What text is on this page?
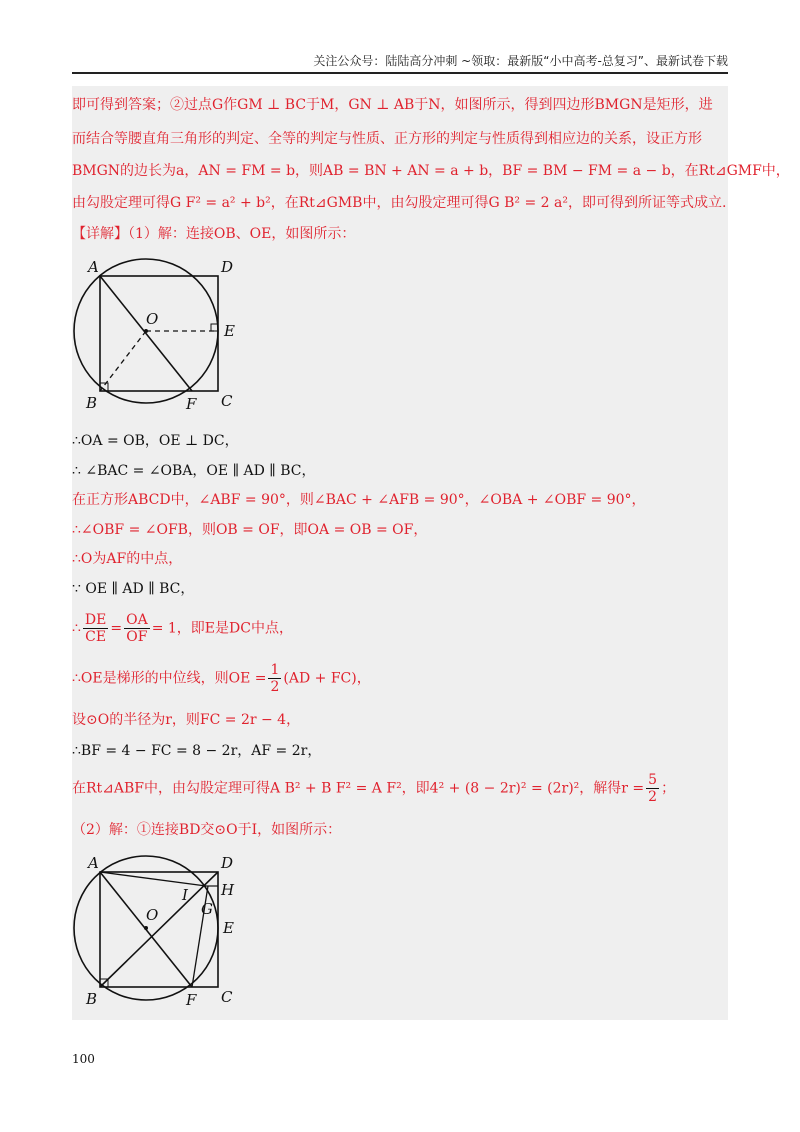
关注公众号：陆陆高分冲刺 ~领取：最新版“小中高考-总复习”、最新试卷下载
即可得到答案；②过点G作GM ⊥ BC于M，GN ⊥ AB于N，如图所示，得到四边形BMGN是矩形，进
而结合等腰直角三角形的判定、全等的判定与性质、正方形的判定与性质得到相应边的关系，设正方形
BMGN的边长为a，AN = FM = b，则AB = BN + AN = a + b，BF = BM − FM = a − b，在Rt⊿GMF中，
由勾股定理可得G F² = a² + b²，在Rt⊿GMB中，由勾股定理可得G B² = 2 a²，即可得到所证等式成立.
【详解】（1）解：连接OB、OE，如图所示：
A	D
O
E
B	F C
∴OA = OB，OE ⊥ DC，
∴ ∠BAC = ∠OBA，OE ∥ AD ∥ BC，
在正方形ABCD中，∠ABF = 90°，则∠BAC + ∠AFB = 90°，∠OBA + ∠OBF = 90°，
∴∠OBF = ∠OFB，则OB = OF，即OA = OB = OF，
∴O为AF的中点，
∵ OE ∥ AD ∥ BC，
∴ $\frac{DE}{CE} = \frac{OA}{OF} = 1$，即E是DC中点，
∴OE是梯形的中位线，则OE = $\frac{1}{2} (AD + FC)$，
设⊙O的半径为r，则FC = 2r − 4，
∴BF = 4 − FC = 8 − 2r，AF = 2r，
在Rt⊿ABF中，由勾股定理可得A B² + B F² = A F²，即4² + (8 − 2r)² = (2r)²，解得$r = \frac{5}{2}$ ；
（2）解：①连接BD交⊙O于I，如图所示：
A	D
I H
G
O
E
B	F C
100
